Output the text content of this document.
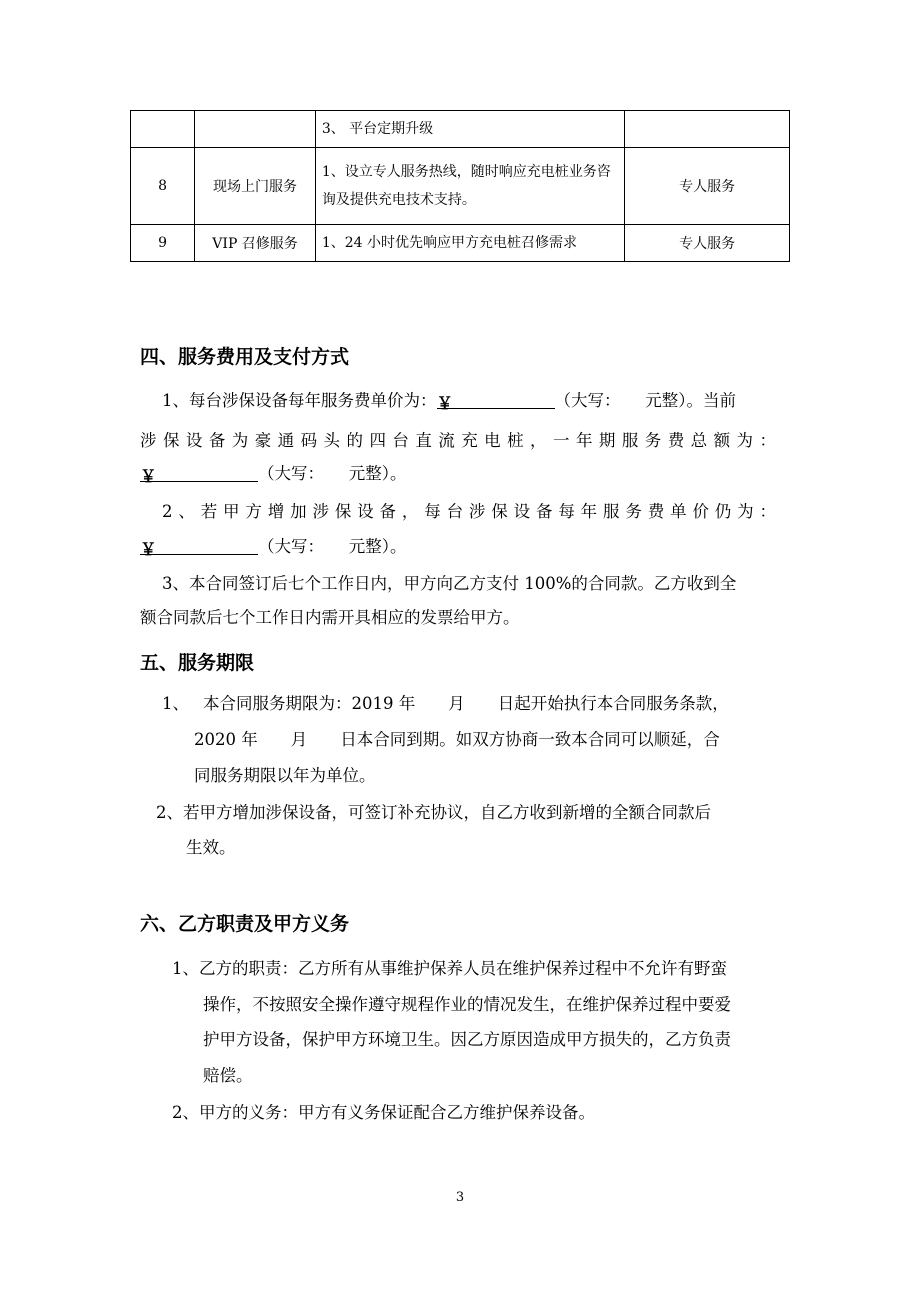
		3、 平台定期升级	
8	现场上门服务	1、设立专人服务热线，随时响应充电桩业务咨询及提供充电技术支持。	专人服务
9	VIP 召修服务	1、24 小时优先响应甲方充电桩召修需求	专人服务
四、服务费用及支付方式
1、每台涉保设备每年服务费单价为：￥	（大写：　　元整）。当前
涉保设备为豪通码头的四台直流充电桩，一年期服务费总额为：
￥	（大写：　　元整）。
2、若甲方增加涉保设备，每台涉保设备每年服务费单价仍为：
￥	（大写：　　元整）。
3、本合同签订后七个工作日内，甲方向乙方支付 100%的合同款。乙方收到全
额合同款后七个工作日内需开具相应的发票给甲方。
五、服务期限
1、 本合同服务期限为：2019 年　　月　　日起开始执行本合同服务条款，
2020 年　　月　　日本合同到期。如双方协商一致本合同可以顺延，合
同服务期限以年为单位。
2、若甲方增加涉保设备，可签订补充协议，自乙方收到新增的全额合同款后
生效。
六、乙方职责及甲方义务
1、乙方的职责：乙方所有从事维护保养人员在维护保养过程中不允许有野蛮
操作，不按照安全操作遵守规程作业的情况发生，在维护保养过程中要爱
护甲方设备，保护甲方环境卫生。因乙方原因造成甲方损失的，乙方负责
赔偿。
2、甲方的义务：甲方有义务保证配合乙方维护保养设备。
3
